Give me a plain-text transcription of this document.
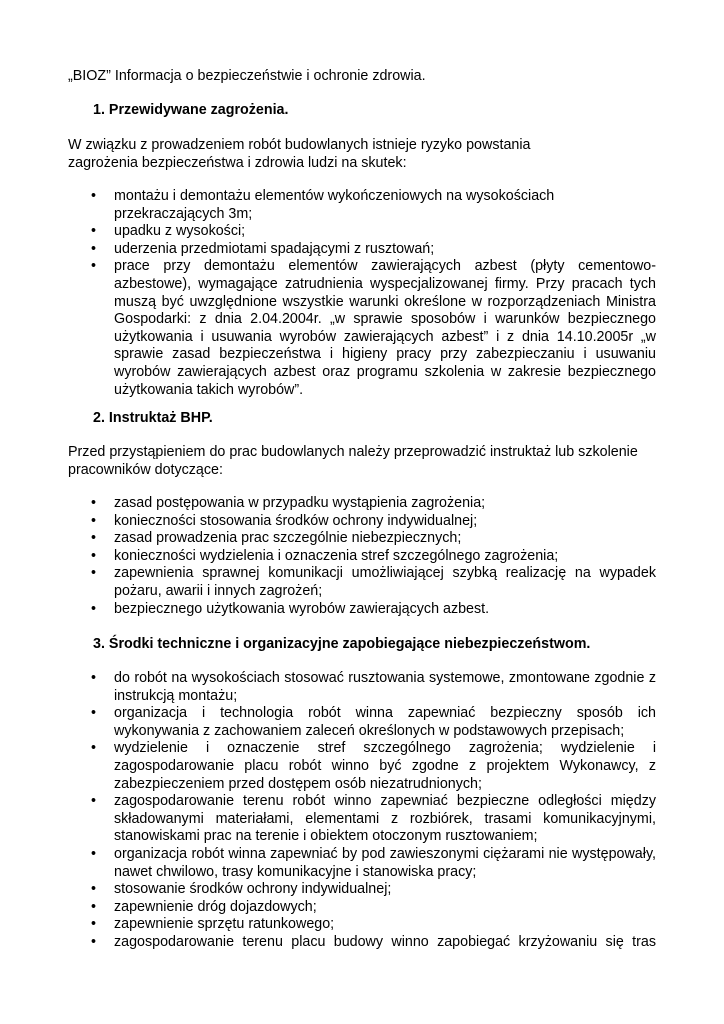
„BIOZ” Informacja o bezpieczeństwie i ochronie zdrowia.

1. Przewidywane zagrożenia.

W związku z prowadzeniem robót budowlanych istnieje ryzyko powstania zagrożenia bezpieczeństwa i zdrowia ludzi na skutek:

• montażu i demontażu elementów wykończeniowych na wysokościach przekraczających 3m;
• upadku z wysokości;
• uderzenia przedmiotami spadającymi z rusztowań;
• prace przy demontażu elementów zawierających azbest (płyty cementowo-azbestowe), wymagające zatrudnienia wyspecjalizowanej firmy. Przy pracach tych muszą być uwzględnione wszystkie warunki określone w rozporządzeniach Ministra Gospodarki: z dnia 2.04.2004r. „w sprawie sposobów i warunków bezpiecznego użytkowania i usuwania wyrobów zawierających azbest” i z dnia 14.10.2005r „w sprawie zasad bezpieczeństwa i higieny pracy przy zabezpieczaniu i usuwaniu wyrobów zawierających azbest oraz programu szkolenia w zakresie bezpiecznego użytkowania takich wyrobów”.
2. Instruktaż BHP.

Przed przystąpieniem do prac budowlanych należy przeprowadzić instruktaż lub szkolenie pracowników dotyczące:

• zasad postępowania w przypadku wystąpienia zagrożenia;
• konieczności stosowania środków ochrony indywidualnej;
• zasad prowadzenia prac szczególnie niebezpiecznych;
• konieczności wydzielenia i oznaczenia stref szczególnego zagrożenia;
• zapewnienia sprawnej komunikacji umożliwiającej szybką realizację na wypadek pożaru, awarii i innych zagrożeń;
• bezpiecznego użytkowania wyrobów zawierających azbest.
3. Środki techniczne i organizacyjne zapobiegające niebezpieczeństwom.
• do robót na wysokościach stosować rusztowania systemowe, zmontowane zgodnie z instrukcją montażu;
• organizacja i technologia robót winna zapewniać bezpieczny sposób ich wykonywania z zachowaniem zaleceń określonych w podstawowych przepisach;
• wydzielenie i oznaczenie stref szczególnego zagrożenia; wydzielenie i zagospodarowanie placu robót winno być zgodne z projektem Wykonawcy, z zabezpieczeniem przed dostępem osób niezatrudnionych;
• zagospodarowanie terenu robót winno zapewniać bezpieczne odległości między składowanymi materiałami, elementami z rozbiórek, trasami komunikacyjnymi, stanowiskami prac na terenie i obiektem otoczonym rusztowaniem;
• organizacja robót winna zapewniać by pod zawieszonymi ciężarami nie występowały, nawet chwilowo, trasy komunikacyjne i stanowiska pracy;
• stosowanie środków ochrony indywidualnej;
• zapewnienie dróg dojazdowych;
• zapewnienie sprzętu ratunkowego;
• zagospodarowanie terenu placu budowy winno zapobiegać krzyżowaniu się tras
